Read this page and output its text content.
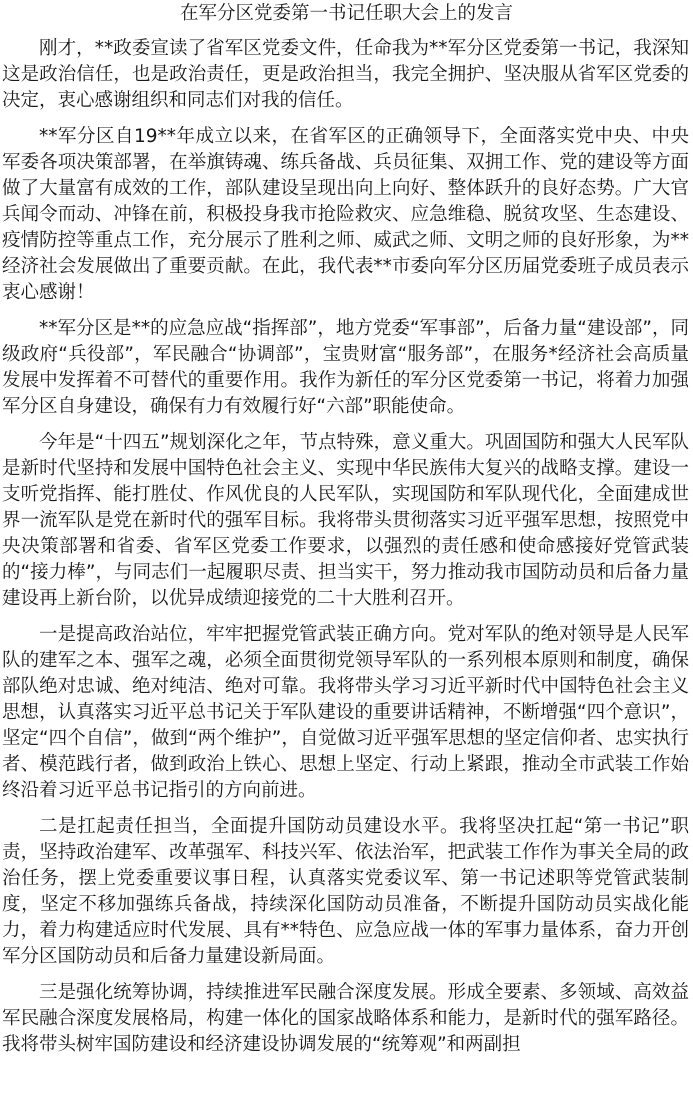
在军分区党委第一书记任职大会上的发言

刚才，**政委宣读了省军区党委文件，任命我为**军分区党委第一书记，我深知这是政治信任，也是政治责任，更是政治担当，我完全拥护、坚决服从省军区党委的决定，衷心感谢组织和同志们对我的信任。

**军分区自19**年成立以来，在省军区的正确领导下，全面落实党中央、中央军委各项决策部署，在举旗铸魂、练兵备战、兵员征集、双拥工作、党的建设等方面做了大量富有成效的工作，部队建设呈现出向上向好、整体跃升的良好态势。广大官兵闻令而动、冲锋在前，积极投身我市抢险救灾、应急维稳、脱贫攻坚、生态建设、疫情防控等重点工作，充分展示了胜利之师、威武之师、文明之师的良好形象，为**经济社会发展做出了重要贡献。在此，我代表**市委向军分区历届党委班子成员表示衷心感谢！

**军分区是**的应急应战“指挥部”，地方党委“军事部”，后备力量“建设部”，同级政府“兵役部”，军民融合“协调部”，宝贵财富“服务部”，在服务*经济社会高质量发展中发挥着不可替代的重要作用。我作为新任的军分区党委第一书记，将着力加强军分区自身建设，确保有力有效履行好“六部”职能使命。

今年是“十四五”规划深化之年，节点特殊，意义重大。巩固国防和强大人民军队是新时代坚持和发展中国特色社会主义、实现中华民族伟大复兴的战略支撑。建设一支听党指挥、能打胜仗、作风优良的人民军队，实现国防和军队现代化，全面建成世界一流军队是党在新时代的强军目标。我将带头贯彻落实习近平强军思想，按照党中央决策部署和省委、省军区党委工作要求，以强烈的责任感和使命感接好党管武装的“接力棒”，与同志们一起履职尽责、担当实干，努力推动我市国防动员和后备力量建设再上新台阶，以优异成绩迎接党的二十大胜利召开。

一是提高政治站位，牢牢把握党管武装正确方向。党对军队的绝对领导是人民军队的建军之本、强军之魂，必须全面贯彻党领导军队的一系列根本原则和制度，确保部队绝对忠诚、绝对纯洁、绝对可靠。我将带头学习习近平新时代中国特色社会主义思想，认真落实习近平总书记关于军队建设的重要讲话精神，不断增强“四个意识”，坚定“四个自信”，做到“两个维护”，自觉做习近平强军思想的坚定信仰者、忠实执行者、模范践行者，做到政治上铁心、思想上坚定、行动上紧跟，推动全市武装工作始终沿着习近平总书记指引的方向前进。

二是扛起责任担当，全面提升国防动员建设水平。我将坚决扛起“第一书记”职责，坚持政治建军、改革强军、科技兴军、依法治军，把武装工作作为事关全局的政治任务，摆上党委重要议事日程，认真落实党委议军、第一书记述职等党管武装制度，坚定不移加强练兵备战，持续深化国防动员准备，不断提升国防动员实战化能力，着力构建适应时代发展、具有**特色、应急应战一体的军事力量体系，奋力开创军分区国防动员和后备力量建设新局面。

三是强化统筹协调，持续推进军民融合深度发展。形成全要素、多领域、高效益军民融合深度发展格局，构建一体化的国家战略体系和能力，是新时代的强军路径。我将带头树牢国防建设和经济建设协调发展的“统筹观”和两副担
